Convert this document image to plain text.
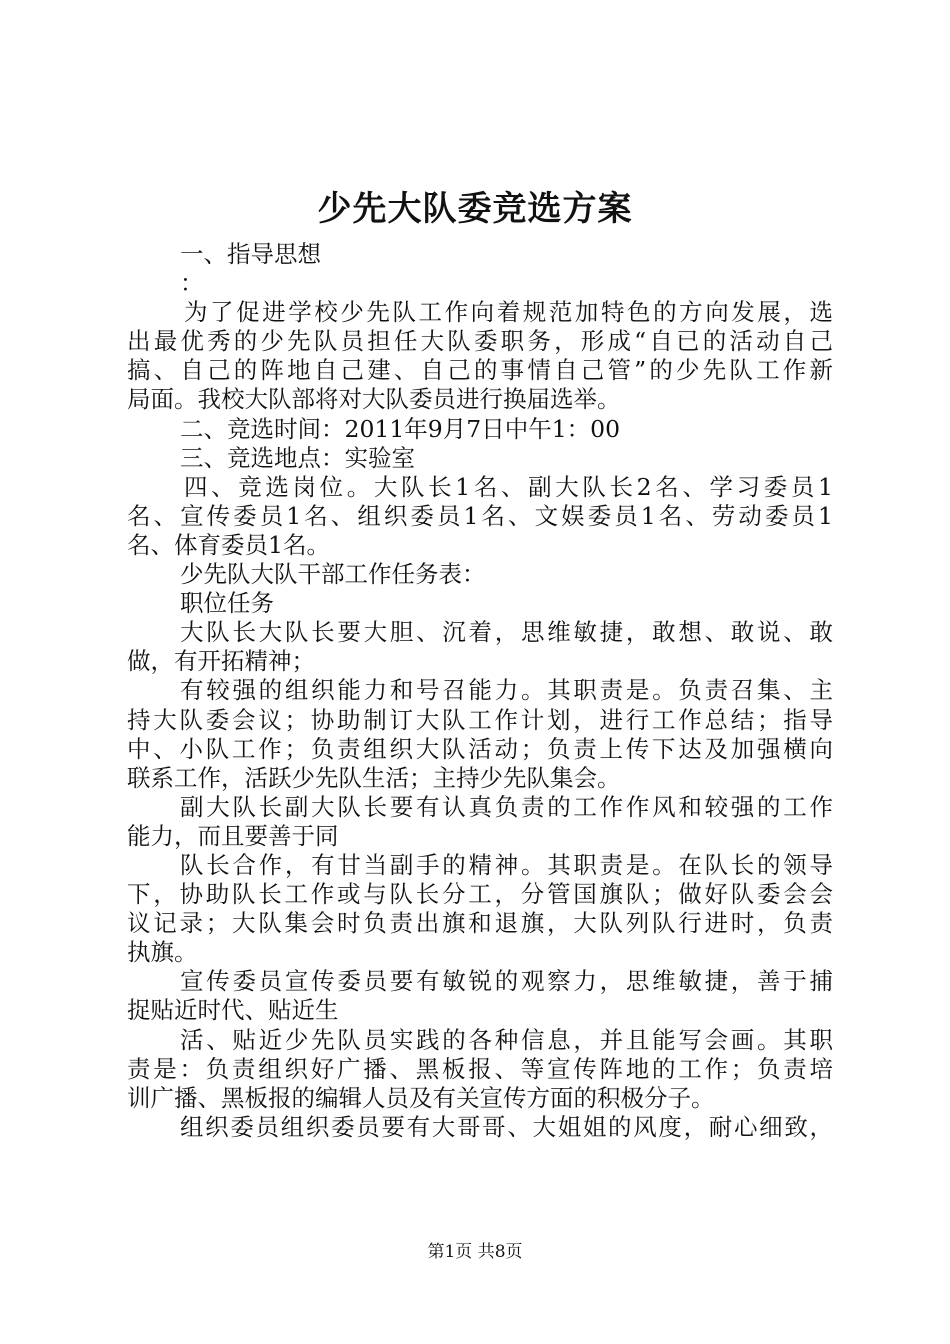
少先大队委竞选方案
一、指导思想
：
为了促进学校少先队工作向着规范加特色的方向发展，选
出最优秀的少先队员担任大队委职务，形成“自已的活动自己
搞、自己的阵地自己建、自己的事情自己管”的少先队工作新
局面。我校大队部将对大队委员进行换届选举。
二、竞选时间：2011年9月7日中午1：00
三、竞选地点：实验室
四、竞选岗位。大队长1名、副大队长2名、学习委员1
名、宣传委员1名、组织委员1名、文娱委员1名、劳动委员1
名、体育委员1名。
少先队大队干部工作任务表：
职位任务
大队长大队长要大胆、沉着，思维敏捷，敢想、敢说、敢
做，有开拓精神；
有较强的组织能力和号召能力。其职责是。负责召集、主
持大队委会议；协助制订大队工作计划，进行工作总结；指导
中、小队工作；负责组织大队活动；负责上传下达及加强横向
联系工作，活跃少先队生活；主持少先队集会。
副大队长副大队长要有认真负责的工作作风和较强的工作
能力，而且要善于同
队长合作，有甘当副手的精神。其职责是。在队长的领导
下，协助队长工作或与队长分工，分管国旗队；做好队委会会
议记录；大队集会时负责出旗和退旗，大队列队行进时，负责
执旗。
宣传委员宣传委员要有敏锐的观察力，思维敏捷，善于捕
捉贴近时代、贴近生
活、贴近少先队员实践的各种信息，并且能写会画。其职
责是：负责组织好广播、黑板报、等宣传阵地的工作；负责培
训广播、黑板报的编辑人员及有关宣传方面的积极分子。
组织委员组织委员要有大哥哥、大姐姐的风度，耐心细致，
第1页 共8页
